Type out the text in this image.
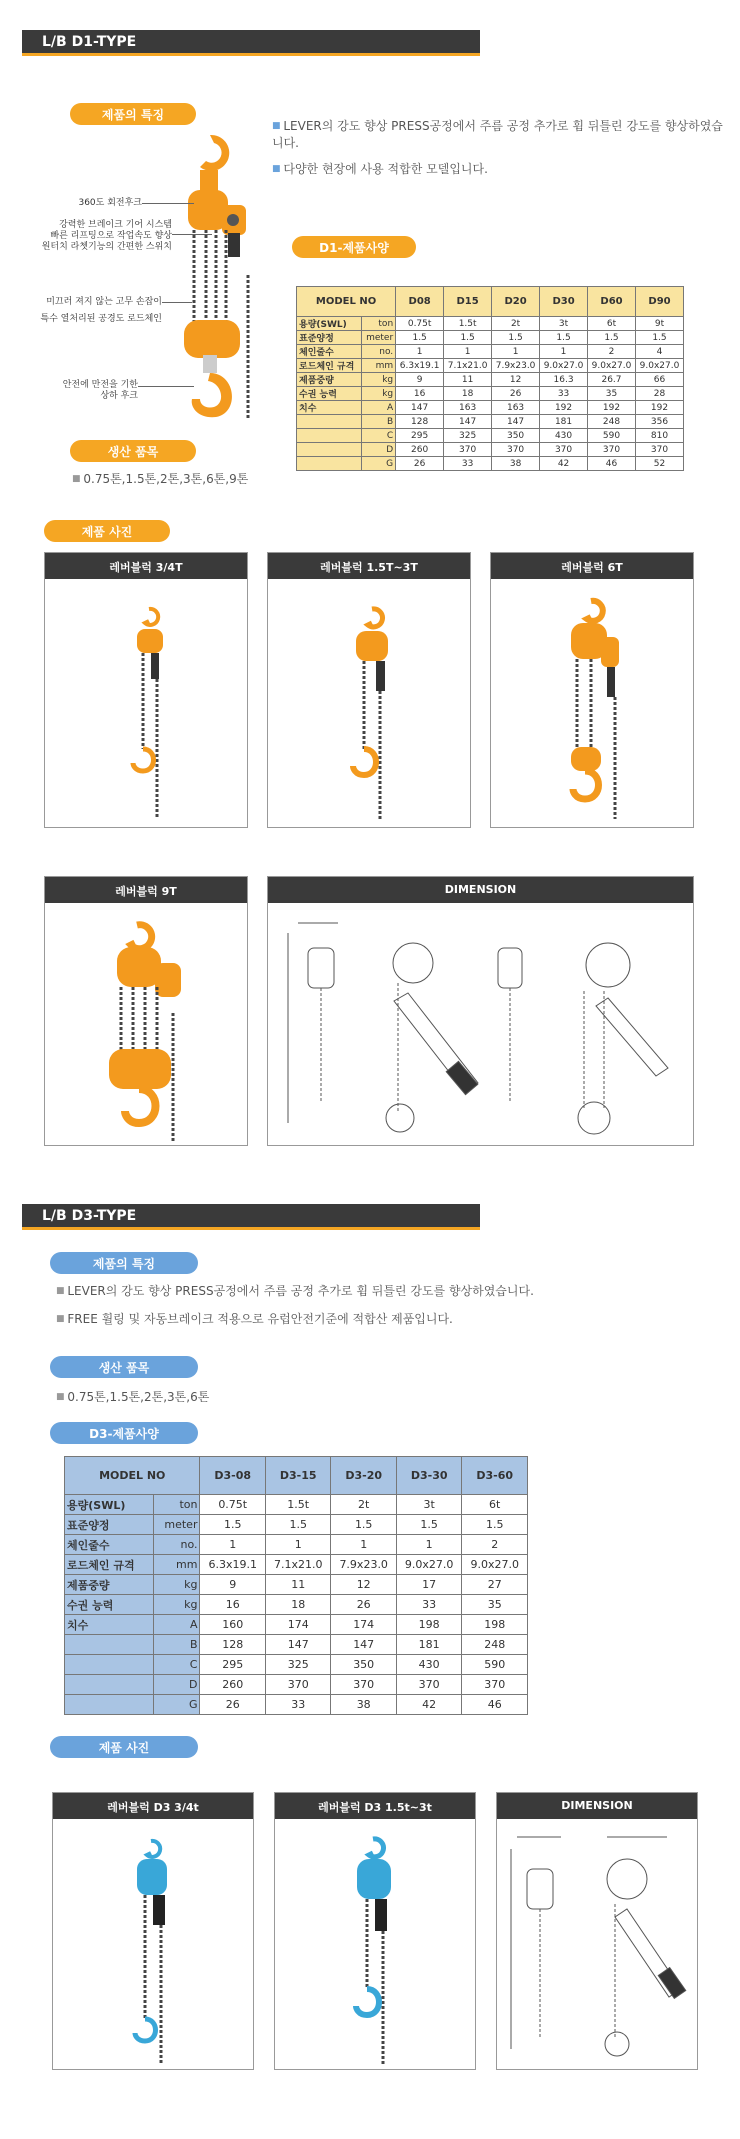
L/B D1-TYPE
제품의 특징
360도 회전후크
강력한 브레이크 기어 시스템
빠른 리프팅으로 작업속도 향상
원터치 라쳇기능의 간편한 스위치
미끄러 져지 않는 고무 손잡이
특수 열처리된 공경도 로드체인
안전에 만전을 기한
상하 후크
■ LEVER의 강도 향상 PRESS공정에서 주름 공정 추가로 휨 뒤틀린 강도를 향상하였습니다.
■ 다양한 현장에 사용 적합한 모델입니다.
D1-제품사양
MODEL NO		D08	D15	D20	D30	D60	D90
용량(SWL)	ton	0.75t	1.5t	2t	3t	6t	9t
표준양정	meter	1.5	1.5	1.5	1.5	1.5	1.5
체인줄수	no.	1	1	1	1	2	4
로드체인 규격	mm	6.3x19.1	7.1x21.0	7.9x23.0	9.0x27.0	9.0x27.0	9.0x27.0
제품중량	kg	9	11	12	16.3	26.7	66
수권 능력	kg	16	18	26	33	35	28
치수	A	147	163	163	192	192	192
	B	128	147	147	181	248	356
	C	295	325	350	430	590	810
	D	260	370	370	370	370	370
	G	26	33	38	42	46	52
생산 품목
■ 0.75톤,1.5톤,2톤,3톤,6톤,9톤
제품 사진
레버블럭 3/4T	레버블럭 1.5T~3T	레버블럭 6T
레버블럭 9T	DIMENSION
L/B D3-TYPE
제품의 특징
■ LEVER의 강도 향상 PRESS공정에서 주름 공정 추가로 휨 뒤틀린 강도를 향상하였습니다.
■ FREE 휠링 및 자동브레이크 적용으로 유럽안전기준에 적합산 제품입니다.
생산 품목
■ 0.75톤,1.5톤,2톤,3톤,6톤
D3-제품사양
MODEL NO		D3-08	D3-15	D3-20	D3-30	D3-60
용량(SWL)	ton	0.75t	1.5t	2t	3t	6t
표준양정	meter	1.5	1.5	1.5	1.5	1.5
체인줄수	no.	1	1	1	1	2
로드체인 규격	mm	6.3x19.1	7.1x21.0	7.9x23.0	9.0x27.0	9.0x27.0
제품중량	kg	9	11	12	17	27
수권 능력	kg	16	18	26	33	35
치수	A	160	174	174	198	198
	B	128	147	147	181	248
	C	295	325	350	430	590
	D	260	370	370	370	370
	G	26	33	38	42	46
제품 사진
레버블럭 D3 3/4t	레버블럭 D3 1.5t~3t	DIMENSION
